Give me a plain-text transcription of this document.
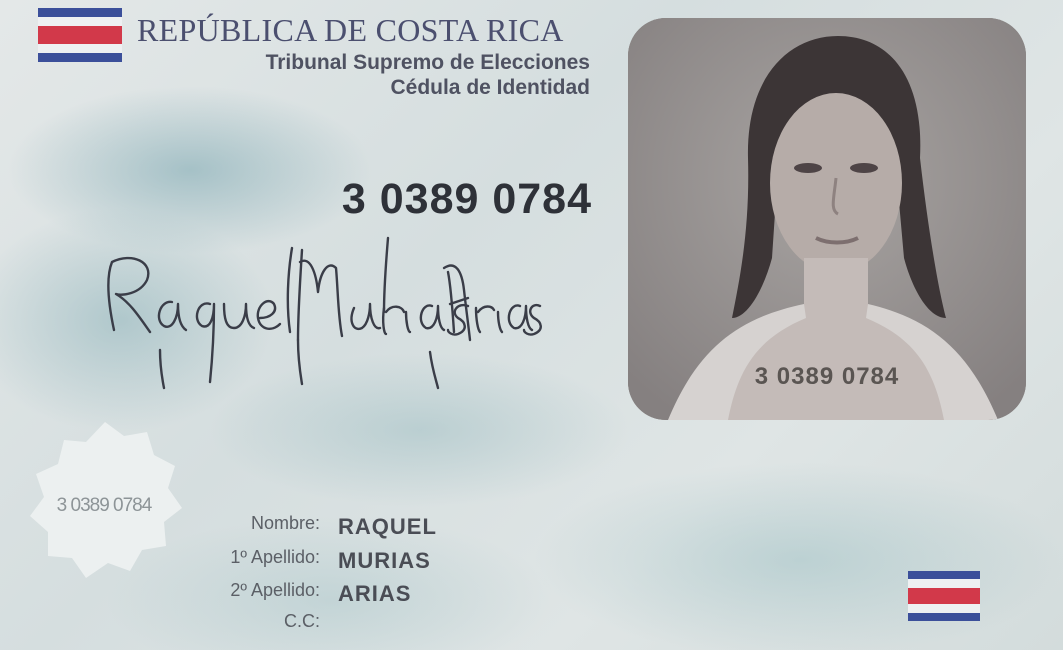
REPÚBLICA DE COSTA RICA
Tribunal Supremo de Elecciones
Cédula de Identidad
3 0389 0784
3 0389 0784
3 0389 0784
Nombre: RAQUEL
1º Apellido: MURIAS
2º Apellido: ARIAS
C.C:
